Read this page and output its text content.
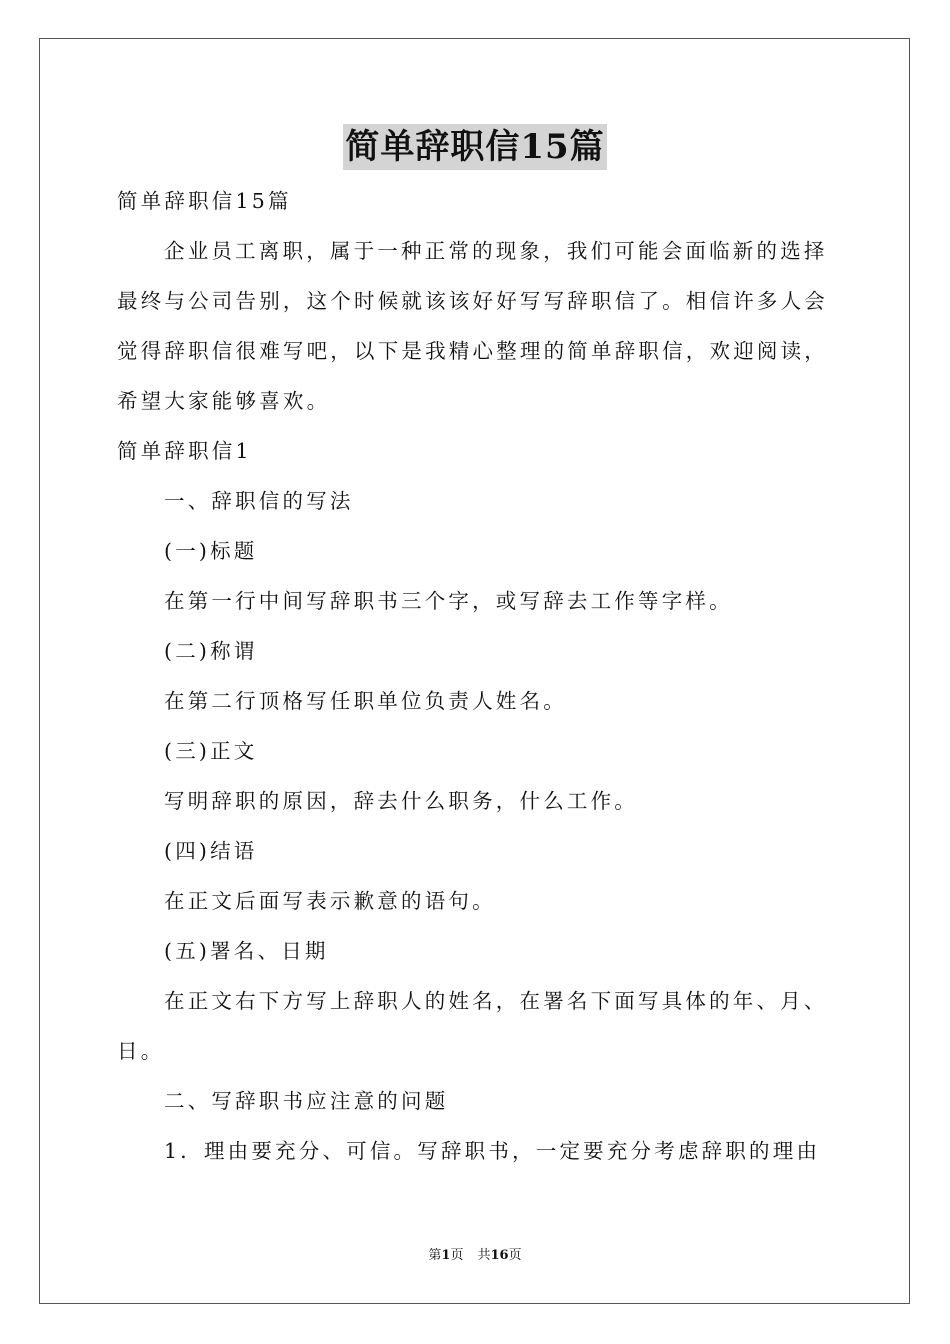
简单辞职信15篇
简单辞职信15篇
企业员工离职，属于一种正常的现象，我们可能会面临新的选择
最终与公司告别，这个时候就该该好好写写辞职信了。相信许多人会
觉得辞职信很难写吧，以下是我精心整理的简单辞职信，欢迎阅读，
希望大家能够喜欢。
简单辞职信1
一、辞职信的写法
(一)标题
在第一行中间写辞职书三个字，或写辞去工作等字样。
(二)称谓
在第二行顶格写任职单位负责人姓名。
(三)正文
写明辞职的原因，辞去什么职务，什么工作。
(四)结语
在正文后面写表示歉意的语句。
(五)署名、日期
在正文右下方写上辞职人的姓名，在署名下面写具体的年、月、
日。
二、写辞职书应注意的问题
1．理由要充分、可信。写辞职书，一定要充分考虑辞职的理由
第1页 共16页
